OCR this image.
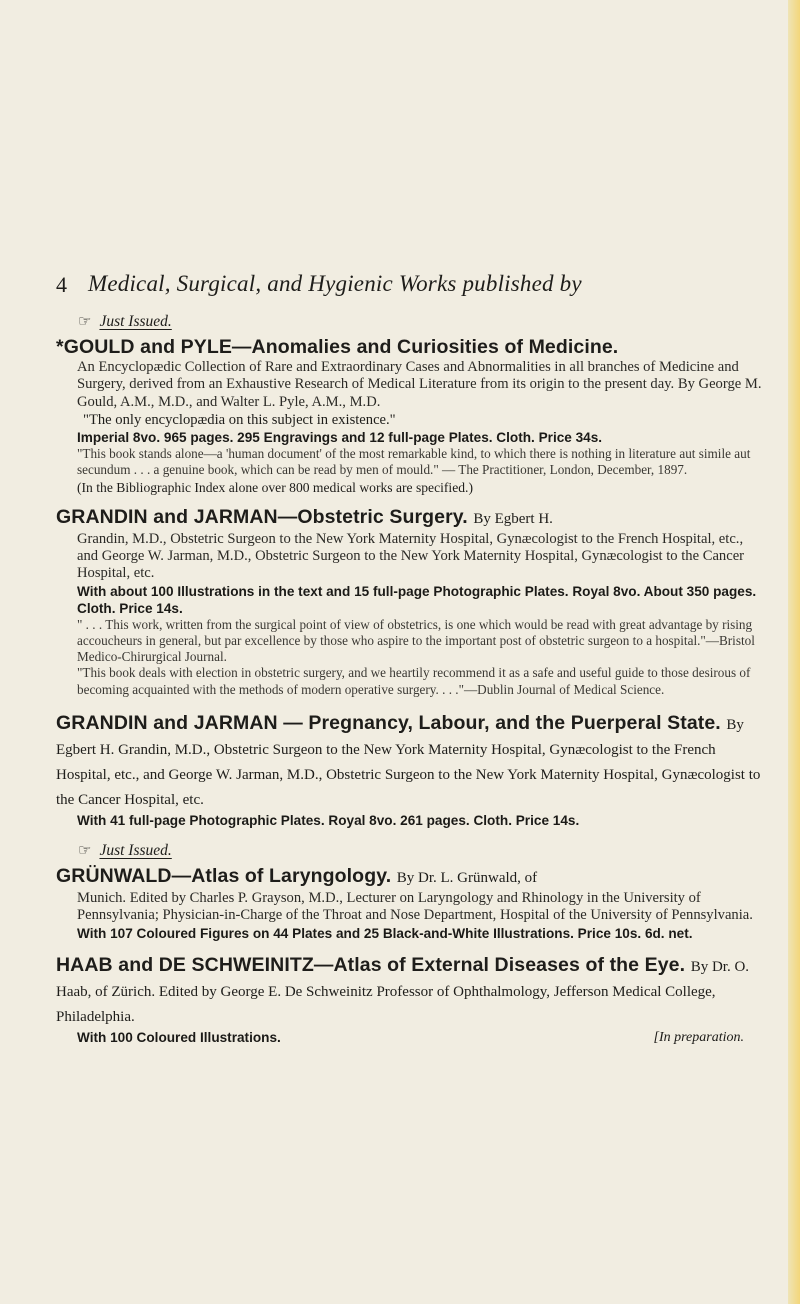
4 Medical, Surgical, and Hygienic Works published by
☞ Just Issued.
*GOULD and PYLE—Anomalies and Curiosities of Medicine.
An Encyclopædic Collection of Rare and Extraordinary Cases and Abnormalities in all branches of Medicine and Surgery, derived from an Exhaustive Research of Medical Literature from its origin to the present day. By George M. Gould, A.M., M.D., and Walter L. Pyle, A.M., M.D.
"The only encyclopædia on this subject in existence."
Imperial 8vo. 965 pages. 295 Engravings and 12 full-page Plates. Cloth. Price 34s.
"This book stands alone—a 'human document' of the most remarkable kind, to which there is nothing in literature aut simile aut secundum . . . a genuine book, which can be read by men of mould." — The Practitioner, London, December, 1897.
(In the Bibliographic Index alone over 800 medical works are specified.)
GRANDIN and JARMAN—Obstetric Surgery. By Egbert H.
Grandin, M.D., Obstetric Surgeon to the New York Maternity Hospital, Gynæcologist to the French Hospital, etc., and George W. Jarman, M.D., Obstetric Surgeon to the New York Maternity Hospital, Gynæcologist to the Cancer Hospital, etc.
With about 100 Illustrations in the text and 15 full-page Photographic Plates. Royal 8vo. About 350 pages. Cloth. Price 14s.
" . . . This work, written from the surgical point of view of obstetrics, is one which would be read with great advantage by rising accoucheurs in general, but par excellence by those who aspire to the important post of obstetric surgeon to a hospital."—Bristol Medico-Chirurgical Journal.
"This book deals with election in obstetric surgery, and we heartily recommend it as a safe and useful guide to those desirous of becoming acquainted with the methods of modern operative surgery. . . ."—Dublin Journal of Medical Science.
GRANDIN and JARMAN — Pregnancy, Labour, and the Puerperal State. By Egbert H. Grandin, M.D., Obstetric Surgeon to the New York Maternity Hospital, Gynæcologist to the French Hospital, etc., and George W. Jarman, M.D., Obstetric Surgeon to the New York Maternity Hospital, Gynæcologist to the Cancer Hospital, etc.
With 41 full-page Photographic Plates. Royal 8vo. 261 pages. Cloth. Price 14s.
☞ Just Issued.
GRÜNWALD—Atlas of Laryngology. By Dr. L. Grünwald, of
Munich. Edited by Charles P. Grayson, M.D., Lecturer on Laryngology and Rhinology in the University of Pennsylvania; Physician-in-Charge of the Throat and Nose Department, Hospital of the University of Pennsylvania.
With 107 Coloured Figures on 44 Plates and 25 Black-and-White Illustrations. Price 10s. 6d. net.
HAAB and DE SCHWEINITZ—Atlas of External Diseases of the Eye. By Dr. O. Haab, of Zürich. Edited by George E. De Schweinitz Professor of Ophthalmology, Jefferson Medical College, Philadelphia.
With 100 Coloured Illustrations.	[In preparation.
